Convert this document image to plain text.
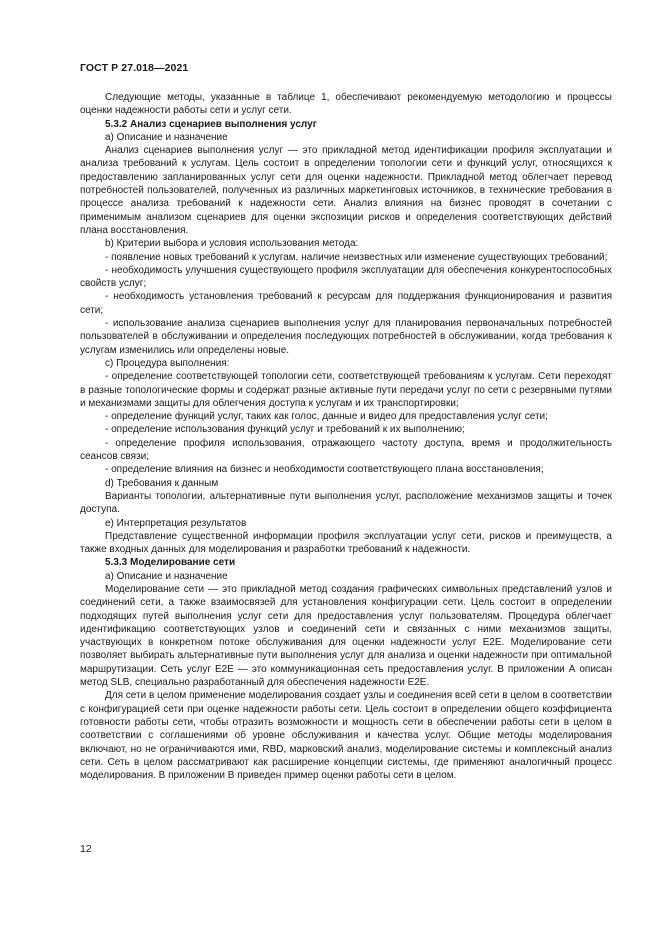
ГОСТ Р 27.018—2021

Следующие методы, указанные в таблице 1, обеспечивают рекомендуемую методологию и процессы оценки надежности работы сети и услуг сети.

5.3.2 Анализ сценариев выполнения услуг

a) Описание и назначение

Анализ сценариев выполнения услуг — это прикладной метод идентификации профиля эксплуатации и анализа требований к услугам. Цель состоит в определении топологии сети и функций услуг, относящихся к предоставлению запланированных услуг сети для оценки надежности. Прикладной метод облегчает перевод потребностей пользователей, полученных из различных маркетинговых источников, в технические требования в процессе анализа требований к надежности сети. Анализ влияния на бизнес проводят в сочетании с применимым анализом сценариев для оценки экспозиции рисков и определения соответствующих действий плана восстановления.

b) Критерии выбора и условия использования метода:

- появление новых требований к услугам, наличие неизвестных или изменение существующих требований;

- необходимость улучшения существующего профиля эксплуатации для обеспечения конкурентоспособных свойств услуг;

- необходимость установления требований к ресурсам для поддержания функционирования и развития сети;

- использование анализа сценариев выполнения услуг для планирования первоначальных потребностей пользователей в обслуживании и определения последующих потребностей в обслуживании, когда требования к услугам изменились или определены новые.

c) Процедура выполнения:

- определение соответствующей топологии сети, соответствующей требованиям к услугам. Сети переходят в разные топологические формы и содержат разные активные пути передачи услуг по сети с резервными путями и механизмами защиты для облегчения доступа к услугам и их транспортировки;

- определение функций услуг, таких как голос, данные и видео для предоставления услуг сети;

- определение использования функций услуг и требований к их выполнению;

- определение профиля использования, отражающего частоту доступа, время и продолжительность сеансов связи;

- определение влияния на бизнес и необходимости соответствующего плана восстановления;

d) Требования к данным

Варианты топологии, альтернативные пути выполнения услуг, расположение механизмов защиты и точек доступа.

e) Интерпретация результатов

Представление существенной информации профиля эксплуатации услуг сети, рисков и преимуществ, а также входных данных для моделирования и разработки требований к надежности.

5.3.3 Моделирование сети

a) Описание и назначение

Моделирование сети — это прикладной метод создания графических символьных представлений узлов и соединений сети, а также взаимосвязей для установления конфигурации сети. Цель состоит в определении подходящих путей выполнения услуг сети для предоставления услуг пользователям. Процедура облегчает идентификацию соответствующих узлов и соединений сети и связанных с ними механизмов защиты, участвующих в конкретном потоке обслуживания для оценки надежности услуг E2E. Моделирование сети позволяет выбирать альтернативные пути выполнения услуг для анализа и оценки надежности при оптимальной маршрутизации. Сеть услуг E2E — это коммуникационная сеть предоставления услуг. В приложении А описан метод SLB, специально разработанный для обеспечения надежности E2E.

Для сети в целом применение моделирования создает узлы и соединения всей сети в целом в соответствии с конфигурацией сети при оценке надежности работы сети. Цель состоит в определении общего коэффициента готовности работы сети, чтобы отразить возможности и мощность сети в обеспечении работы сети в целом в соответствии с соглашениями об уровне обслуживания и качества услуг. Общие методы моделирования включают, но не ограничиваются ими, RBD, марковский анализ, моделирование системы и комплексный анализ сети. Сеть в целом рассматривают как расширение концепции системы, где применяют аналогичный процесс моделирования. В приложении В приведен пример оценки работы сети в целом.

12
